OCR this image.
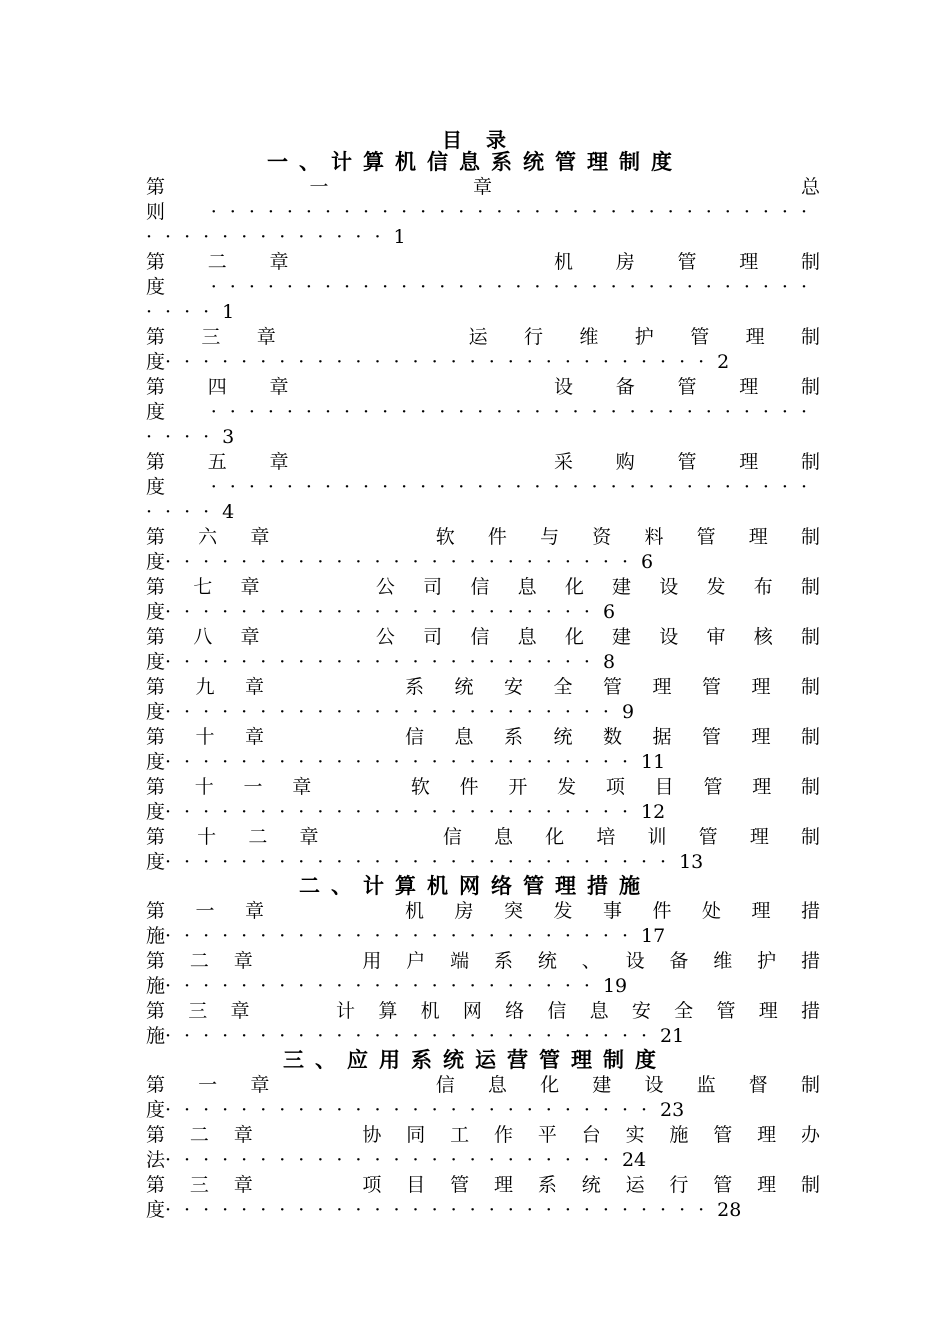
目　录
一、计算机信息系统管理制度
第一章 总
则································
·············1
第二章	机房管理制
度································
····1
第三章	运行维护管理制
度·····························2
第四章	设备管理制
度································
····3
第五章	采购管理制
度································
····4
第六章	软件与资料管理制
度·························6
第七章	公司信息化建设发布制
度·······················6
第八章	公司信息化建设审核制
度·······················8
第九章	系统安全管理管理制
度························9
第十章	信息系统数据管理制
度·························11
第十一章 软件开发项目管理制
度·························12
第十二章	信息化培训管理制
度···························13
二、计算机网络管理措施
第一章	机房突发事件处理措
施·························17
第二章	用户端系统、设备维护措
施·······················19
第三章 计算机网络信息安全管理措
施··························21
三、应用系统运营管理制度
第一章	信息化建设监督制
度··························23
第二章	协同工作平台实施管理办
法························24
第三章	项目管理系统运行管理制
度·····························28
